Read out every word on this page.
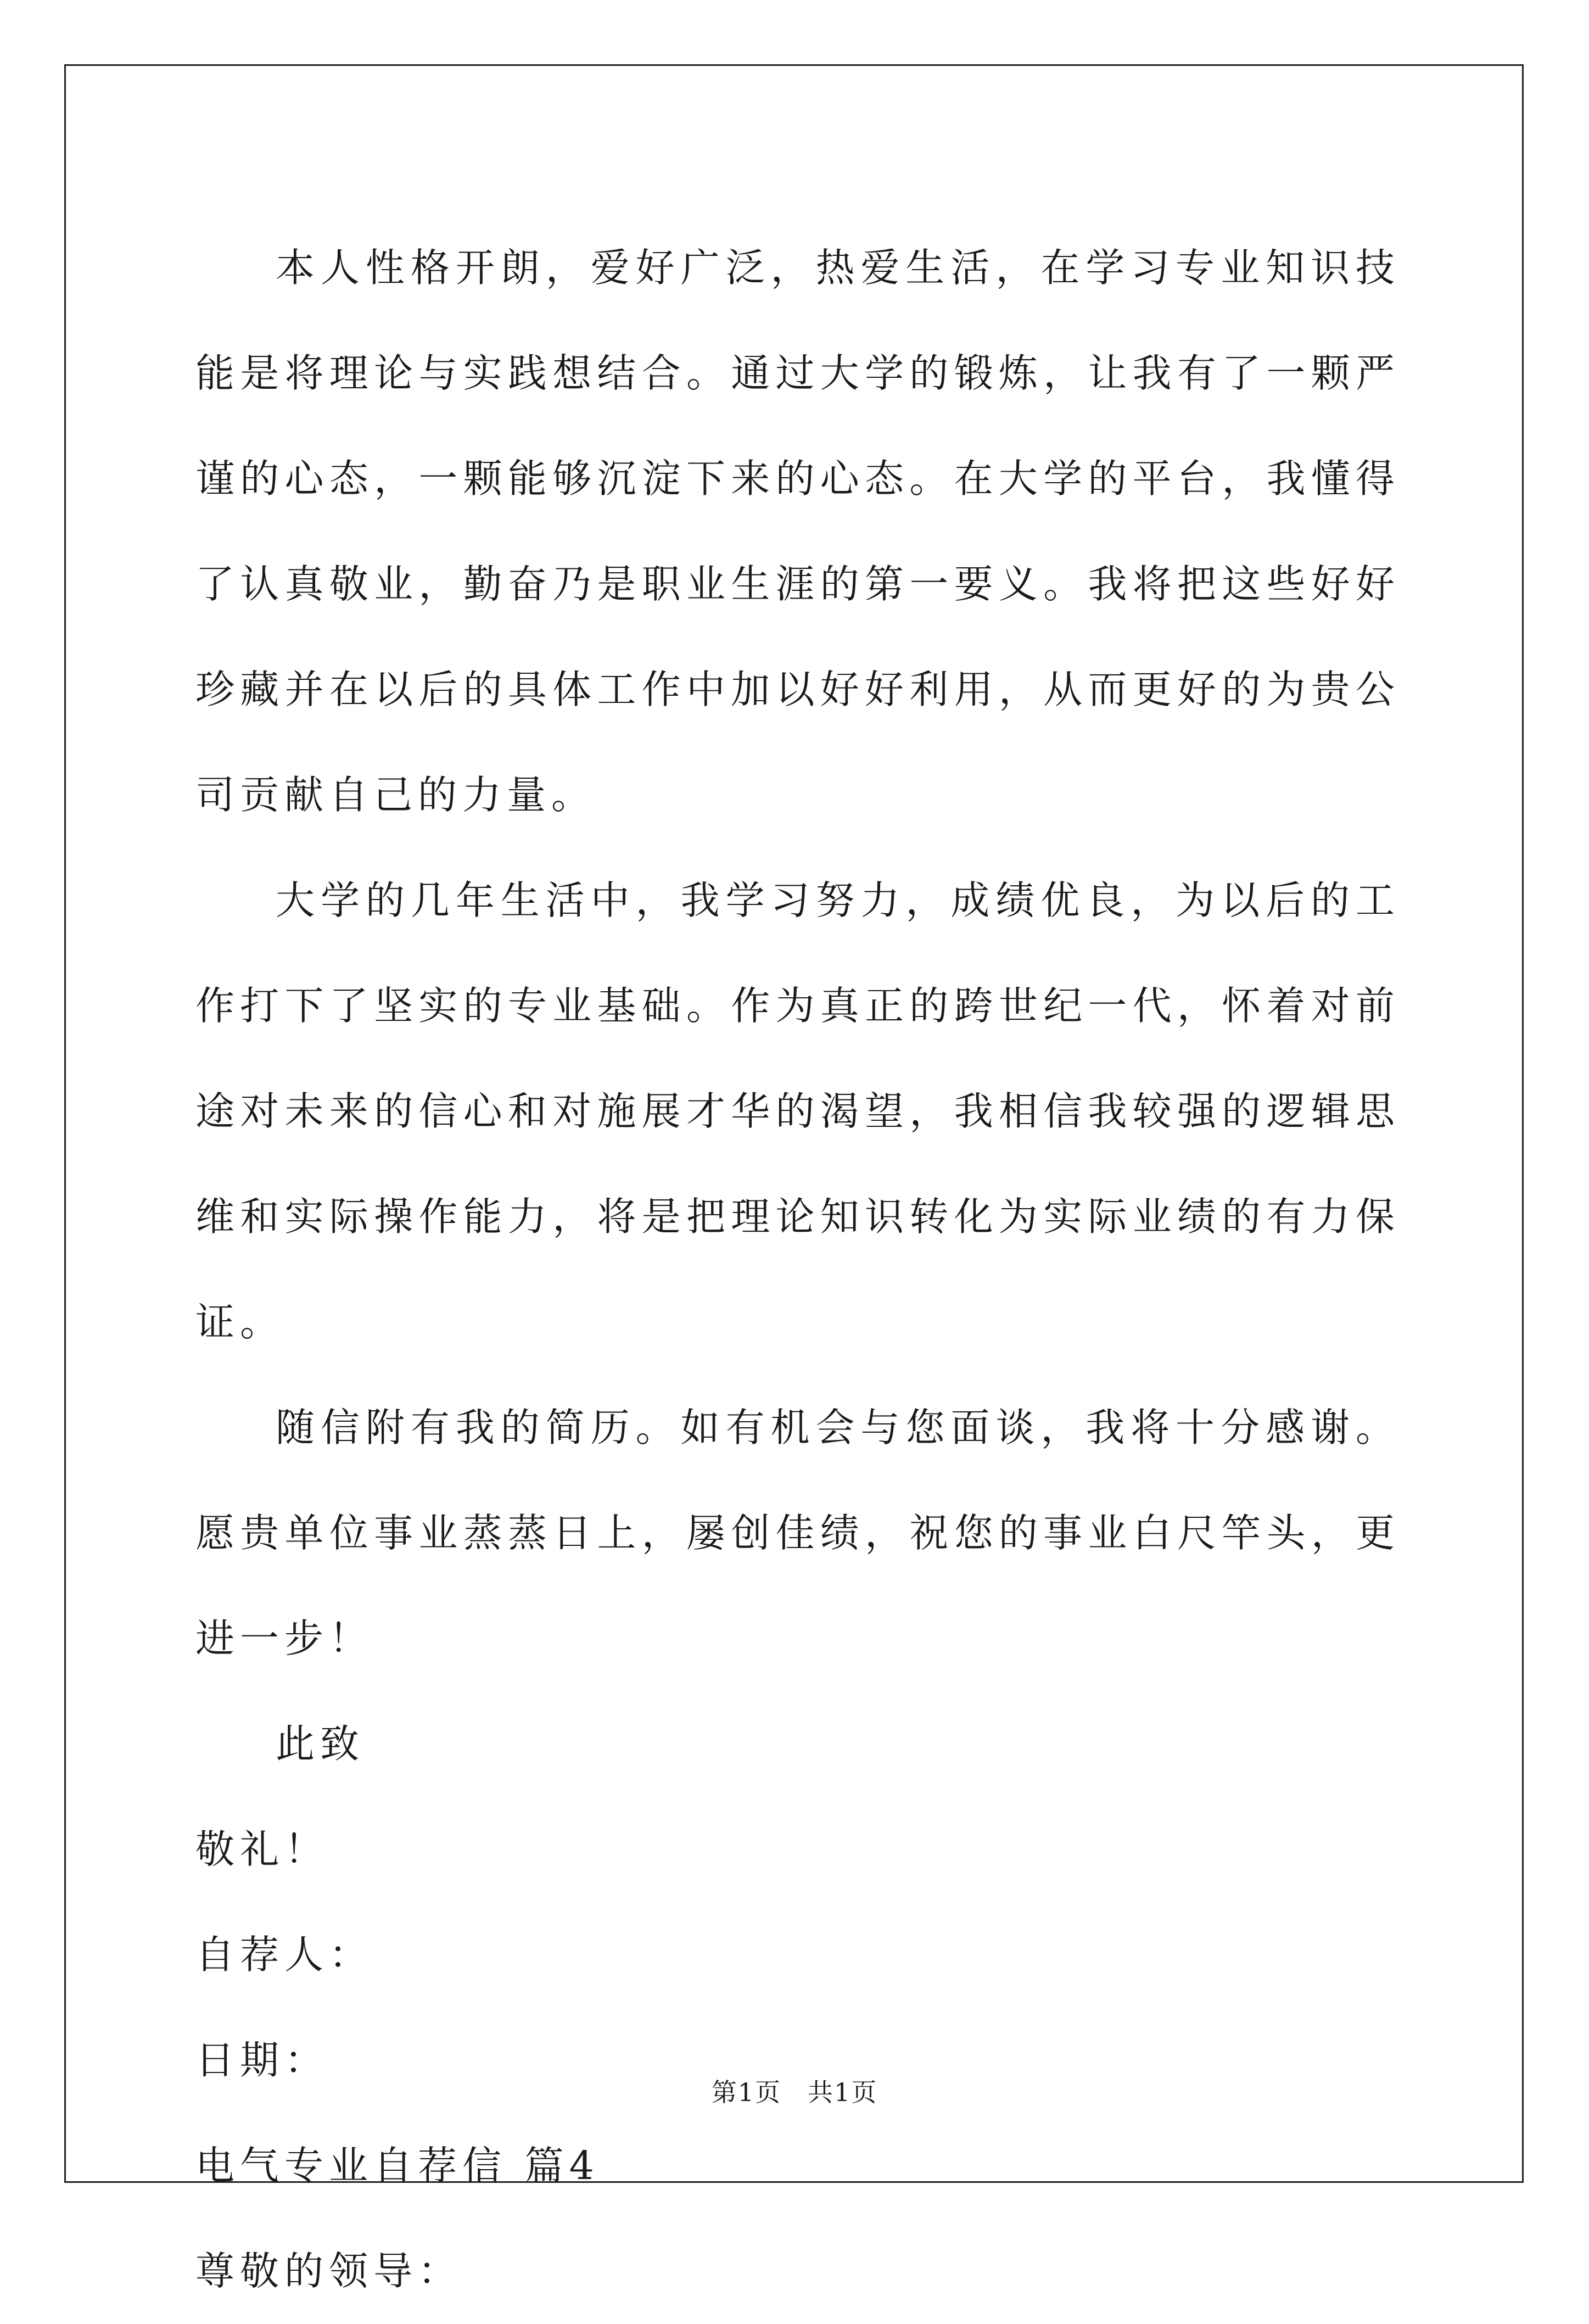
本人性格开朗，爱好广泛，热爱生活，在学习专业知识技能是将理论与实践想结合。通过大学的锻炼，让我有了一颗严谨的心态，一颗能够沉淀下来的心态。在大学的平台，我懂得了认真敬业，勤奋乃是职业生涯的第一要义。我将把这些好好珍藏并在以后的具体工作中加以好好利用，从而更好的为贵公司贡献自己的力量。

大学的几年生活中，我学习努力，成绩优良，为以后的工作打下了坚实的专业基础。作为真正的跨世纪一代，怀着对前途对未来的信心和对施展才华的渴望，我相信我较强的逻辑思维和实际操作能力，将是把理论知识转化为实际业绩的有力保证。

随信附有我的简历。如有机会与您面谈，我将十分感谢。愿贵单位事业蒸蒸日上，屡创佳绩，祝您的事业白尺竿头，更进一步！

此致

敬礼！

自荐人：

日期：

电气专业自荐信 篇4

尊敬的领导：

第1页 共1页
